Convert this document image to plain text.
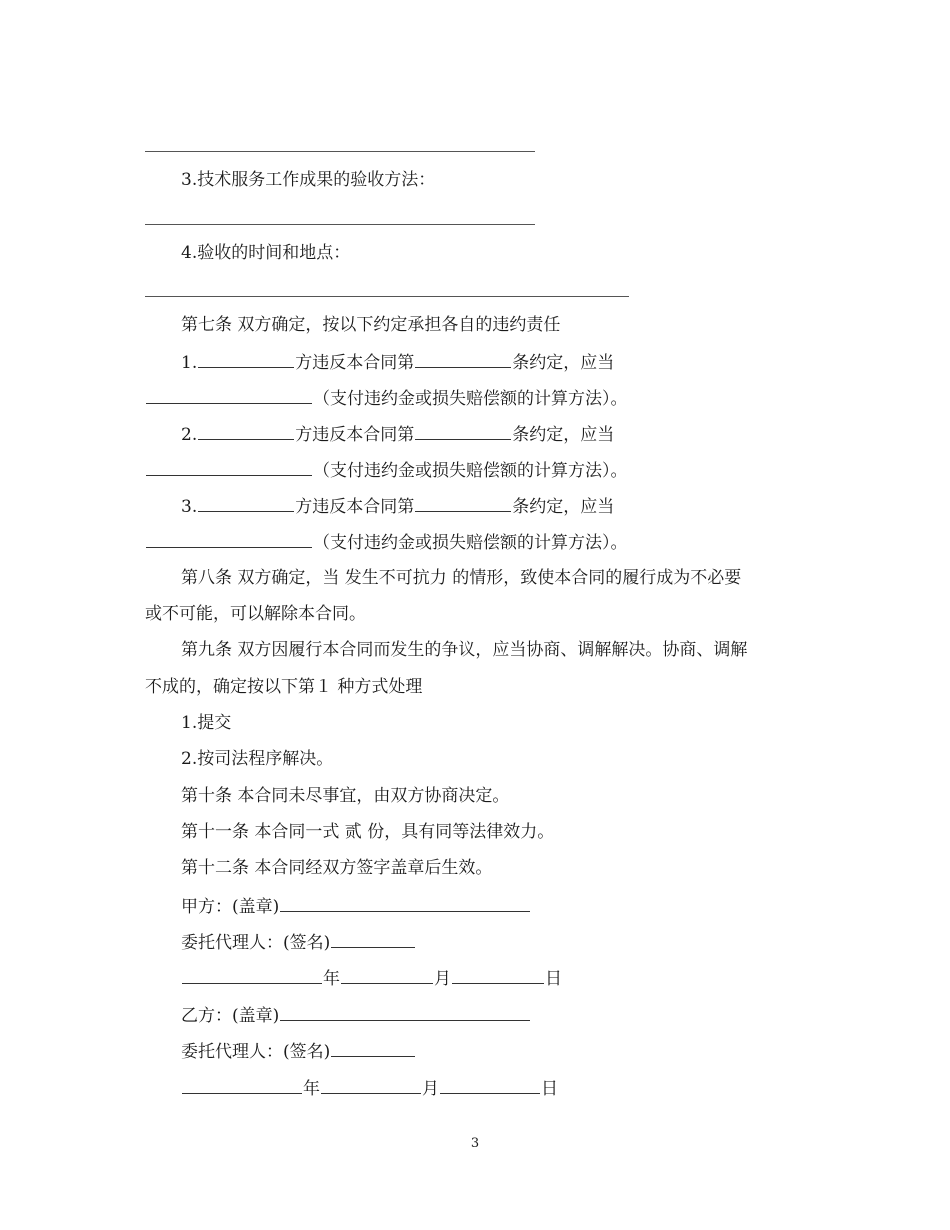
3.技术服务工作成果的验收方法：
4.验收的时间和地点：
第七条 双方确定，按以下约定承担各自的违约责任
1.	方违反本合同第	条约定，应当
（支付违约金或损失赔偿额的计算方法）。
2.	方违反本合同第	条约定，应当
（支付违约金或损失赔偿额的计算方法）。
3.	方违反本合同第	条约定，应当
（支付违约金或损失赔偿额的计算方法）。
第八条 双方确定，当 发生不可抗力 的情形，致使本合同的履行成为不必要
或不可能，可以解除本合同。
第九条 双方因履行本合同而发生的争议，应当协商、调解解决。协商、调解
不成的，确定按以下第１ 种方式处理
1.提交
2.按司法程序解决。
第十条 本合同未尽事宜，由双方协商决定。
第十一条 本合同一式 贰 份，具有同等法律效力。
第十二条 本合同经双方签字盖章后生效。
甲方：(盖章)
委托代理人：(签名)
年	月	日
乙方：(盖章)
委托代理人：(签名)
年	月	日
3
